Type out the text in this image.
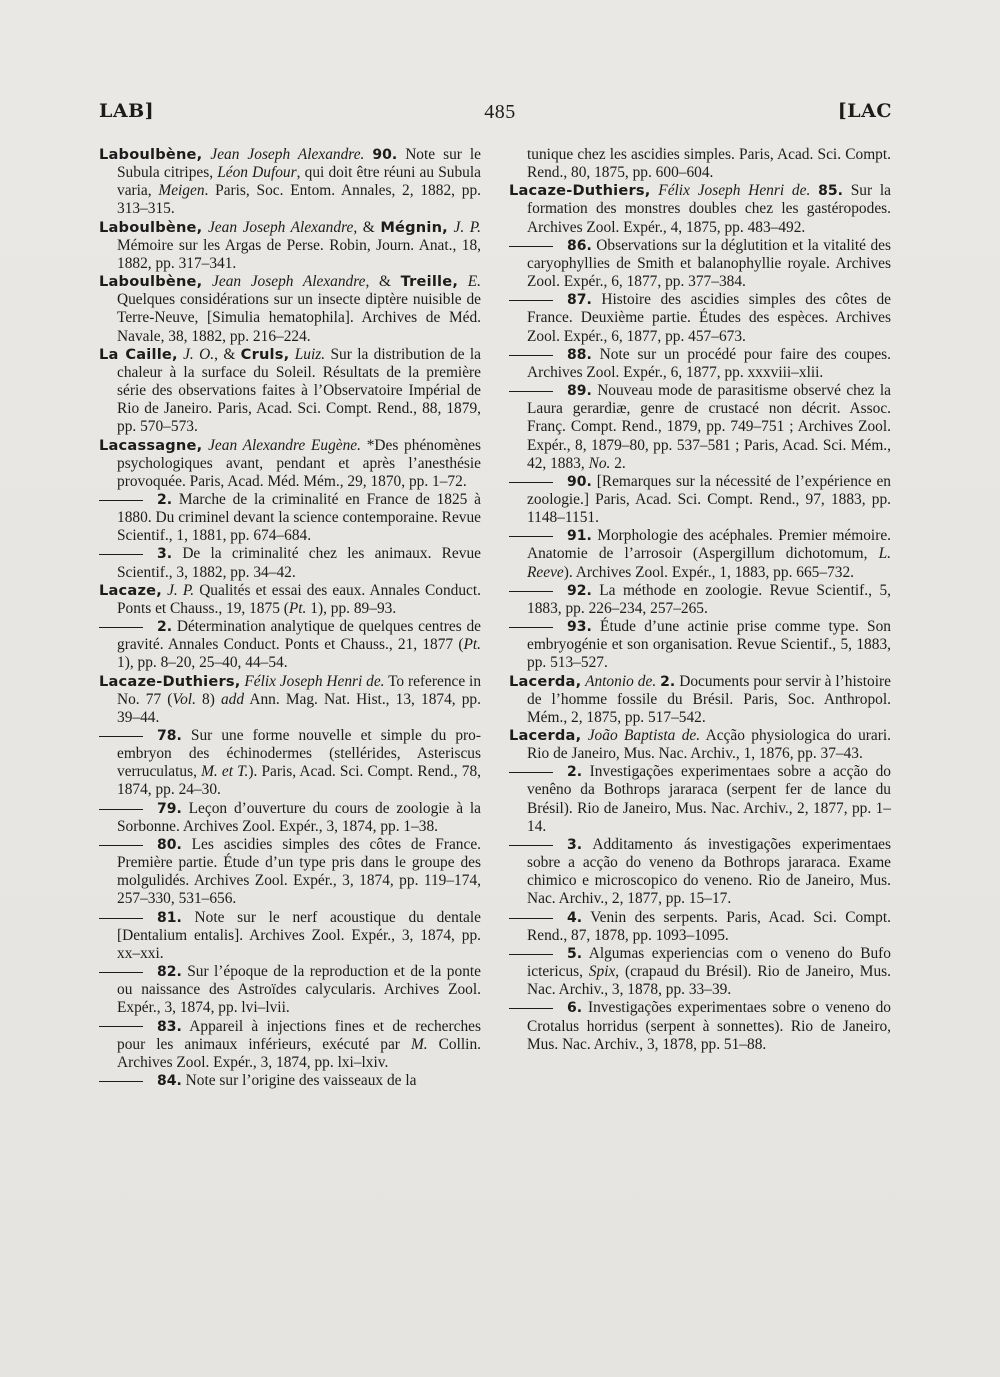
LAB]	485	[LAC

Laboulbène, Jean Joseph Alexandre. 90. Note sur le Subula citripes, Léon Dufour, qui doit être réuni au Subula varia, Meigen. Paris, Soc. Entom. Annales, 2, 1882, pp. 313–315.

Laboulbène, Jean Joseph Alexandre, & Mégnin, J. P. Mémoire sur les Argas de Perse. Robin, Journ. Anat., 18, 1882, pp. 317–341.

Laboulbène, Jean Joseph Alexandre, & Treille, E. Quelques considérations sur un insecte diptère nuisible de Terre-Neuve, [Simulia hematophila]. Archives de Méd. Navale, 38, 1882, pp. 216–224.

La Caille, J. O., & Cruls, Luiz. Sur la distribution de la chaleur à la surface du Soleil. Résultats de la première série des observations faites à l’Observatoire Impérial de Rio de Janeiro. Paris, Acad. Sci. Compt. Rend., 88, 1879, pp. 570–573.

Lacassagne, Jean Alexandre Eugène. *Des phénomènes psychologiques avant, pendant et après l’anesthésie provoquée. Paris, Acad. Méd. Mém., 29, 1870, pp. 1–72.

2. Marche de la criminalité en France de 1825 à 1880. Du criminel devant la science contemporaine. Revue Scientif., 1, 1881, pp. 674–684.

3. De la criminalité chez les animaux. Revue Scientif., 3, 1882, pp. 34–42.

Lacaze, J. P. Qualités et essai des eaux. Annales Conduct. Ponts et Chauss., 19, 1875 (Pt. 1), pp. 89–93.

2. Détermination analytique de quelques centres de gravité. Annales Conduct. Ponts et Chauss., 21, 1877 (Pt. 1), pp. 8–20, 25–40, 44–54.

Lacaze-Duthiers, Félix Joseph Henri de. To reference in No. 77 (Vol. 8) add Ann. Mag. Nat. Hist., 13, 1874, pp. 39–44.

78. Sur une forme nouvelle et simple du pro-embryon des échinodermes (stellérides, Asteriscus verruculatus, M. et T.). Paris, Acad. Sci. Compt. Rend., 78, 1874, pp. 24–30.

79. Leçon d’ouverture du cours de zoologie à la Sorbonne. Archives Zool. Expér., 3, 1874, pp. 1–38.

80. Les ascidies simples des côtes de France. Première partie. Étude d’un type pris dans le groupe des molgulidés. Archives Zool. Expér., 3, 1874, pp. 119–174, 257–330, 531–656.

81. Note sur le nerf acoustique du dentale [Dentalium entalis]. Archives Zool. Expér., 3, 1874, pp. xx–xxi.

82. Sur l’époque de la reproduction et de la ponte ou naissance des Astroïdes calycularis. Archives Zool. Expér., 3, 1874, pp. lvi–lvii.

83. Appareil à injections fines et de recherches pour les animaux inférieurs, exécuté par M. Collin. Archives Zool. Expér., 3, 1874, pp. lxi–lxiv.

84. Note sur l’origine des vaisseaux de la

tunique chez les ascidies simples. Paris, Acad. Sci. Compt. Rend., 80, 1875, pp. 600–604.

Lacaze-Duthiers, Félix Joseph Henri de. 85. Sur la formation des monstres doubles chez les gastéropodes. Archives Zool. Expér., 4, 1875, pp. 483–492.

86. Observations sur la déglutition et la vitalité des caryophyllies de Smith et balanophyllie royale. Archives Zool. Expér., 6, 1877, pp. 377–384.

87. Histoire des ascidies simples des côtes de France. Deuxième partie. Études des espèces. Archives Zool. Expér., 6, 1877, pp. 457–673.

88. Note sur un procédé pour faire des coupes. Archives Zool. Expér., 6, 1877, pp. xxxviii–xlii.

89. Nouveau mode de parasitisme observé chez la Laura gerardiæ, genre de crustacé non décrit. Assoc. Franç. Compt. Rend., 1879, pp. 749–751 ; Archives Zool. Expér., 8, 1879–80, pp. 537–581 ; Paris, Acad. Sci. Mém., 42, 1883, No. 2.

90. [Remarques sur la nécessité de l’expérience en zoologie.] Paris, Acad. Sci. Compt. Rend., 97, 1883, pp. 1148–1151.

91. Morphologie des acéphales. Premier mémoire. Anatomie de l’arrosoir (Aspergillum dichotomum, L. Reeve). Archives Zool. Expér., 1, 1883, pp. 665–732.

92. La méthode en zoologie. Revue Scientif., 5, 1883, pp. 226–234, 257–265.

93. Étude d’une actinie prise comme type. Son embryogénie et son organisation. Revue Scientif., 5, 1883, pp. 513–527.

Lacerda, Antonio de. 2. Documents pour servir à l’histoire de l’homme fossile du Brésil. Paris, Soc. Anthropol. Mém., 2, 1875, pp. 517–542.

Lacerda, João Baptista de. Acção physiologica do urari. Rio de Janeiro, Mus. Nac. Archiv., 1, 1876, pp. 37–43.

2. Investigações experimentaes sobre a acção do venêno da Bothrops jararaca (serpent fer de lance du Brésil). Rio de Janeiro, Mus. Nac. Archiv., 2, 1877, pp. 1–14.

3. Additamento ás investigações experimentaes sobre a acção do veneno da Bothrops jararaca. Exame chimico e microscopico do veneno. Rio de Janeiro, Mus. Nac. Archiv., 2, 1877, pp. 15–17.

4. Venin des serpents. Paris, Acad. Sci. Compt. Rend., 87, 1878, pp. 1093–1095.

5. Algumas experiencias com o veneno do Bufo ictericus, Spix, (crapaud du Brésil). Rio de Janeiro, Mus. Nac. Archiv., 3, 1878, pp. 33–39.

6. Investigações experimentaes sobre o veneno do Crotalus horridus (serpent à sonnettes). Rio de Janeiro, Mus. Nac. Archiv., 3, 1878, pp. 51–88.
